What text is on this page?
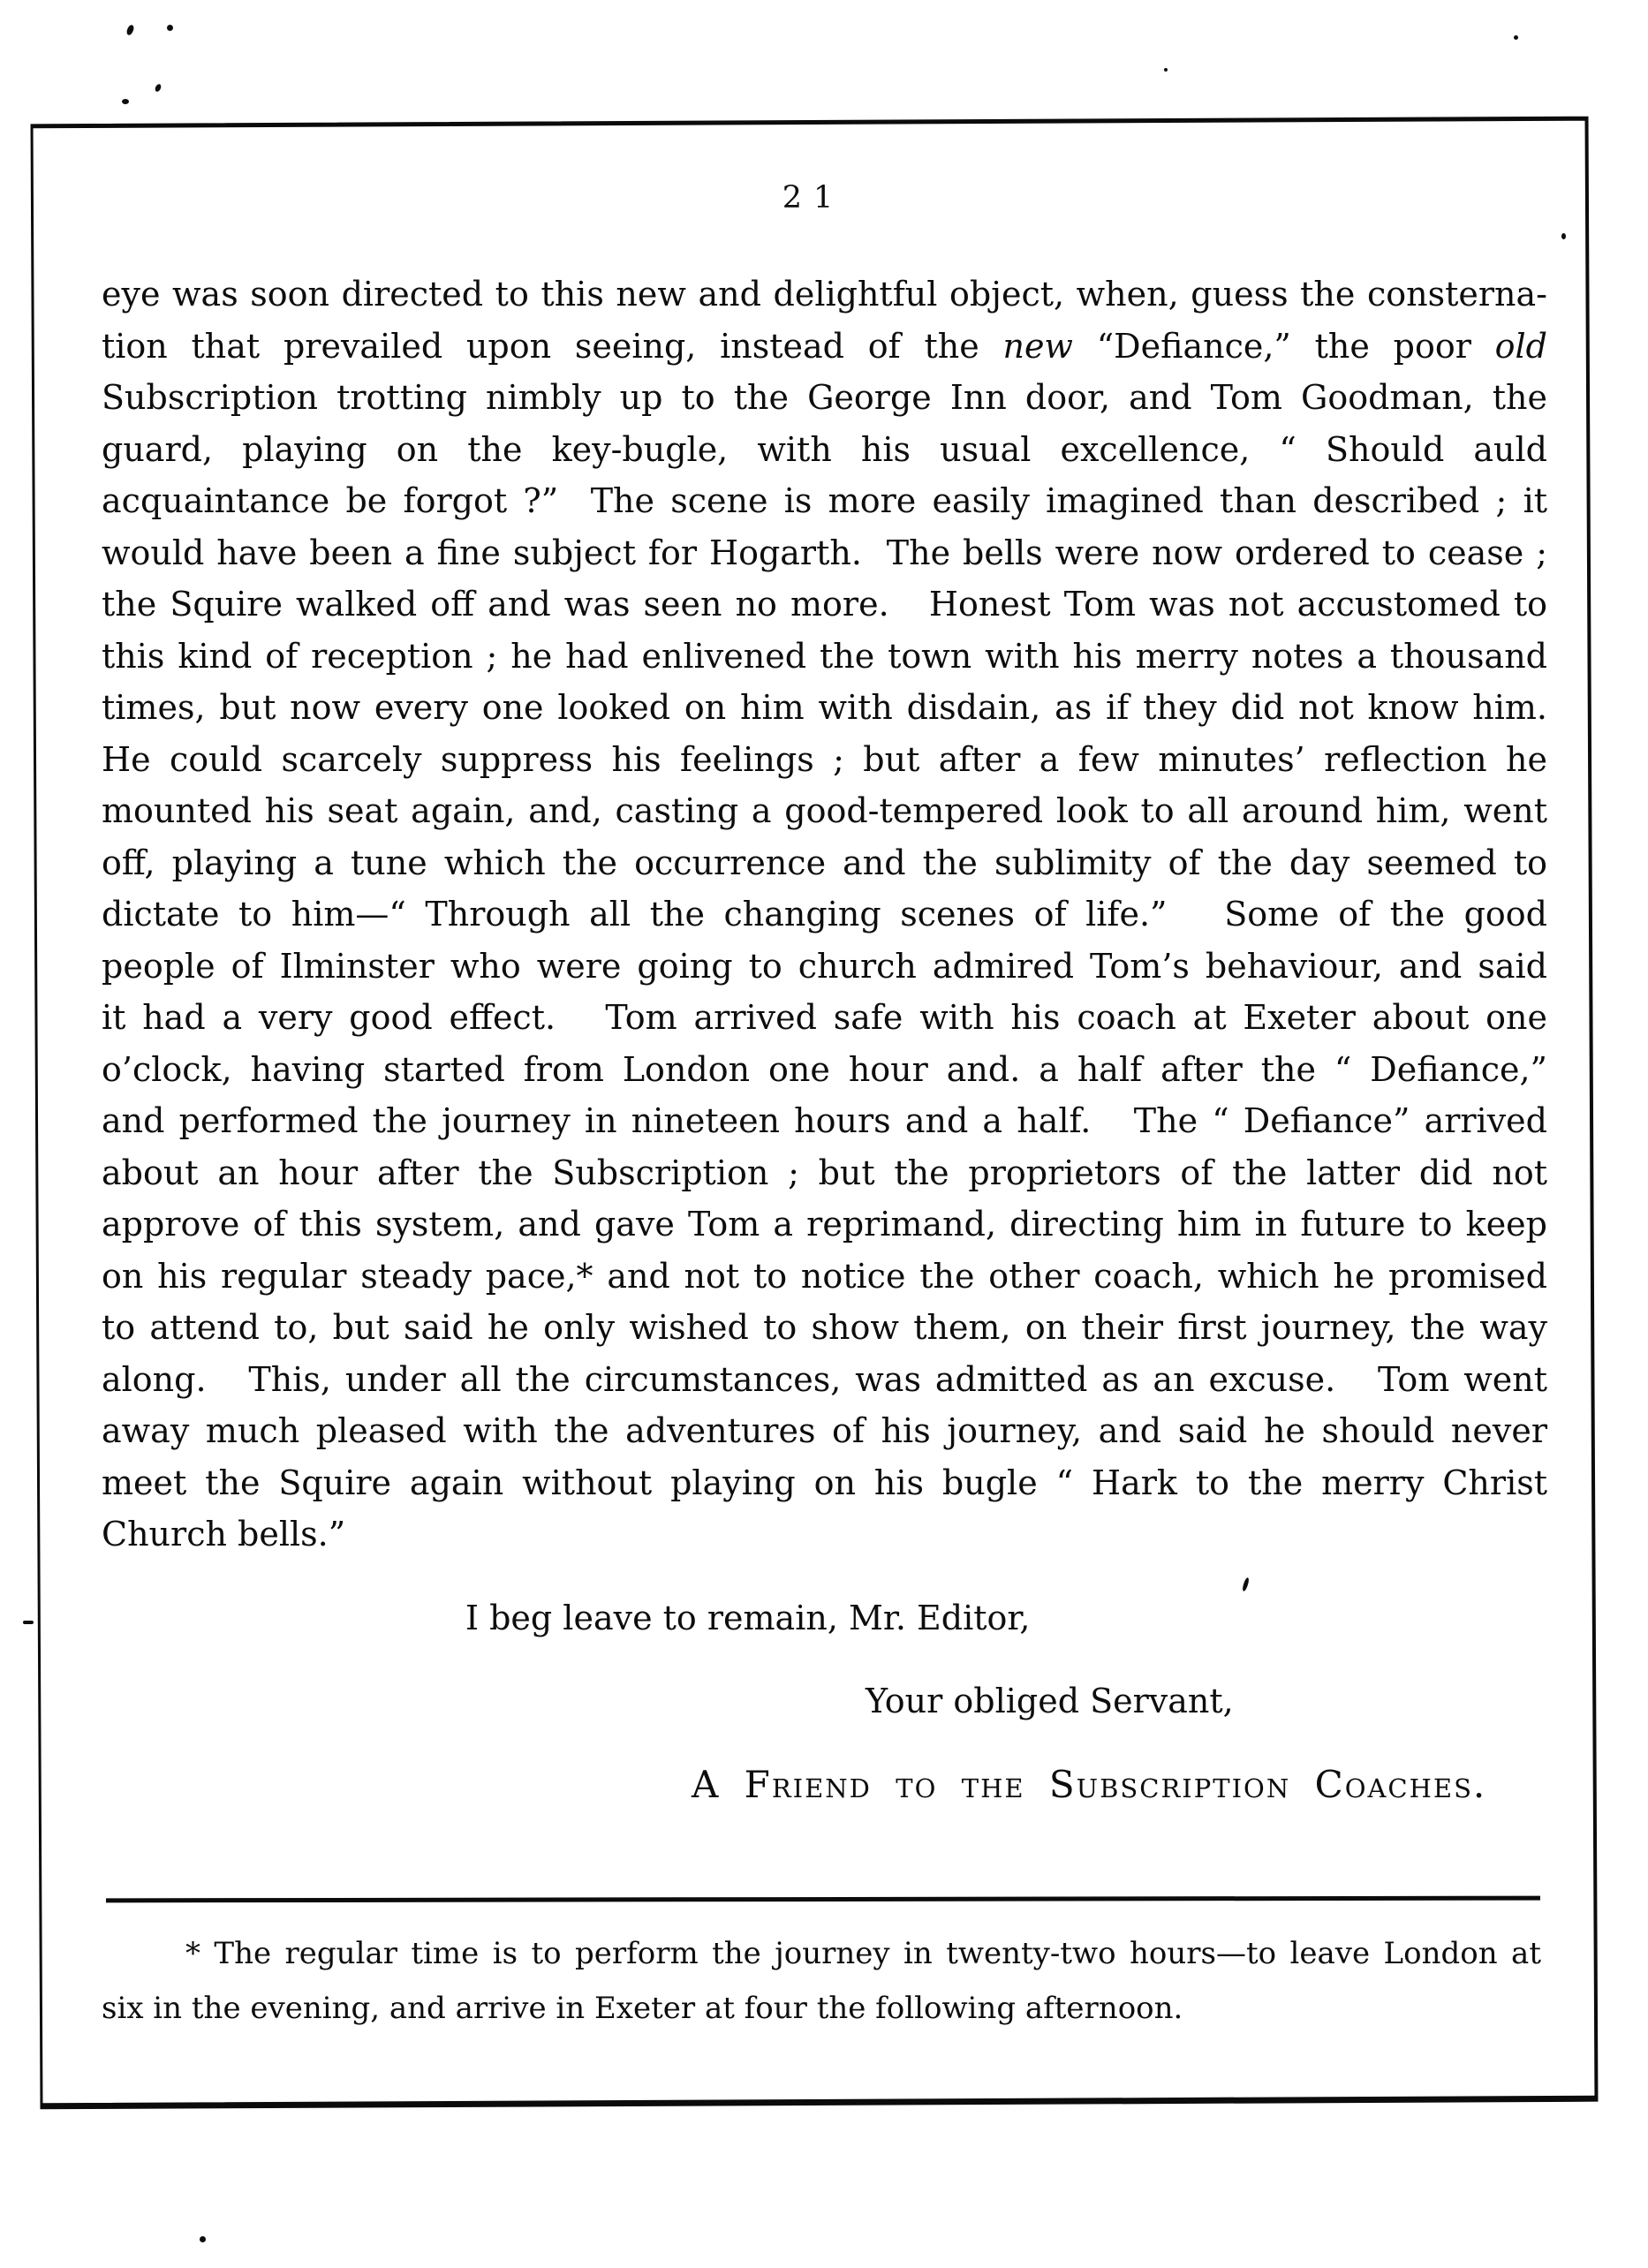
21
eye was soon directed to this new and delightful object, when, guess the consterna-
tion that prevailed upon seeing, instead of the new “Defiance,” the poor old
Subscription trotting nimbly up to the George Inn door, and Tom Goodman, the
guard, playing on the key-bugle, with his usual excellence, “ Should auld
acquaintance be forgot ?”  The scene is more easily imagined than described ; it
would have been a fine subject for Hogarth.  The bells were now ordered to cease ;
the Squire walked off and was seen no more.   Honest Tom was not accustomed to
this kind of reception ; he had enlivened the town with his merry notes a thousand
times, but now every one looked on him with disdain, as if they did not know him.
He could scarcely suppress his feelings ; but after a few minutes’ reflection he
mounted his seat again, and, casting a good-tempered look to all around him, went
off, playing a tune which the occurrence and the sublimity of the day seemed to
dictate to him—“ Through all the changing scenes of life.”   Some of the good
people of Ilminster who were going to church admired Tom’s behaviour, and said
it had a very good effect.   Tom arrived safe with his coach at Exeter about one
o’clock, having started from London one hour and. a half after the “ Defiance,”
and performed the journey in nineteen hours and a half.   The “ Defiance” arrived
about an hour after the Subscription ; but the proprietors of the latter did not
approve of this system, and gave Tom a reprimand, directing him in future to keep
on his regular steady pace,* and not to notice the other coach, which he promised
to attend to, but said he only wished to show them, on their first journey, the way
along.   This, under all the circumstances, was admitted as an excuse.   Tom went
away much pleased with the adventures of his journey, and said he should never
meet the Squire again without playing on his bugle “ Hark to the merry Christ
Church bells.”
I beg leave to remain, Mr. Editor,
Your obliged Servant,
A Friend to the Subscription Coaches.
* The regular time is to perform the journey in twenty-two hours—to leave London at
six in the evening, and arrive in Exeter at four the following afternoon.
